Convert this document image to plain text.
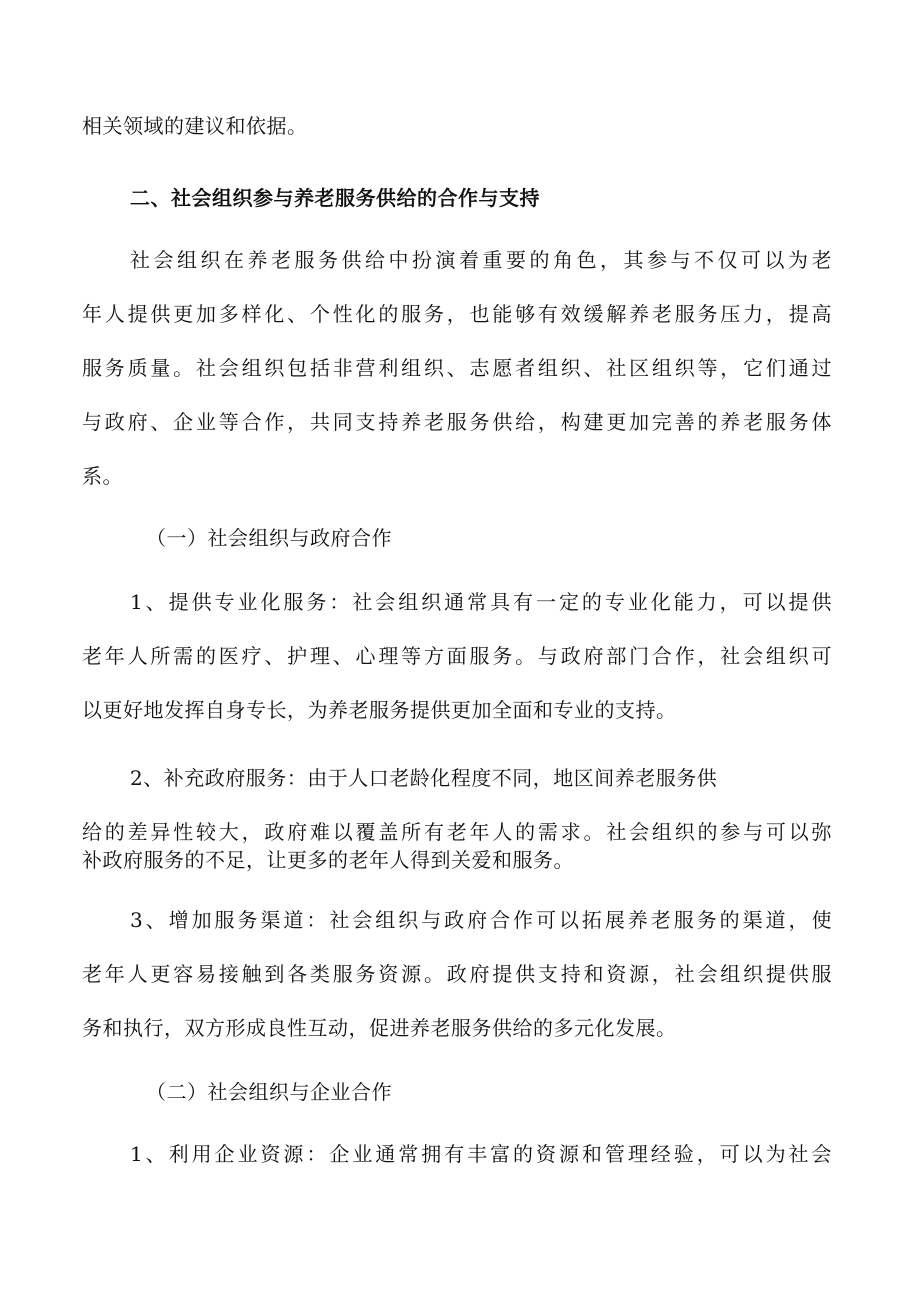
相关领域的建议和依据。
二、社会组织参与养老服务供给的合作与支持
社会组织在养老服务供给中扮演着重要的角色，其参与不仅可以为老
年人提供更加多样化、个性化的服务，也能够有效缓解养老服务压力，提高
服务质量。社会组织包括非营利组织、志愿者组织、社区组织等，它们通过
与政府、企业等合作，共同支持养老服务供给，构建更加完善的养老服务体
系。
（一）社会组织与政府合作
1、提供专业化服务：社会组织通常具有一定的专业化能力，可以提供
老年人所需的医疗、护理、心理等方面服务。与政府部门合作，社会组织可
以更好地发挥自身专长，为养老服务提供更加全面和专业的支持。
2、补充政府服务：由于人口老龄化程度不同，地区间养老服务供
给的差异性较大，政府难以覆盖所有老年人的需求。社会组织的参与可以弥
补政府服务的不足，让更多的老年人得到关爱和服务。
3、增加服务渠道：社会组织与政府合作可以拓展养老服务的渠道，使
老年人更容易接触到各类服务资源。政府提供支持和资源，社会组织提供服
务和执行，双方形成良性互动，促进养老服务供给的多元化发展。
（二）社会组织与企业合作
1、利用企业资源：企业通常拥有丰富的资源和管理经验，可以为社会
